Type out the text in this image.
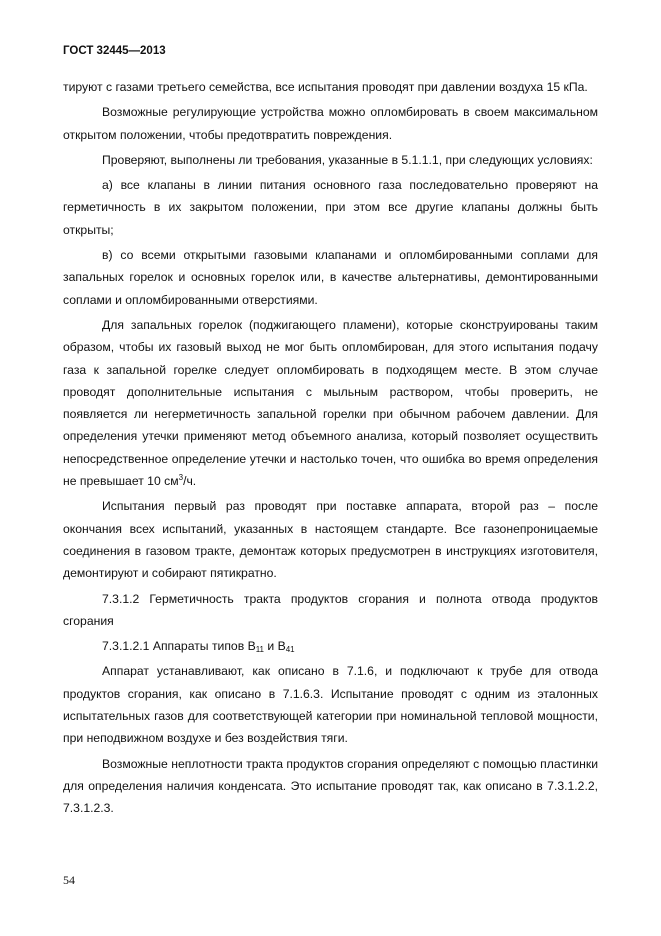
ГОСТ 32445—2013

тируют с газами третьего семейства, все испытания проводят при давлении воздуха 15 кПа.

Возможные регулирующие устройства можно опломбировать в своем максимальном открытом положении, чтобы предотвратить повреждения.

Проверяют, выполнены ли требования, указанные в 5.1.1.1, при следующих условиях:

а) все клапаны в линии питания основного газа последовательно проверяют на герметичность в их закрытом положении, при этом все другие клапаны должны быть открыты;

в) со всеми открытыми газовыми клапанами и опломбированными соплами для запальных горелок и основных горелок или, в качестве альтернативы, демонтированными соплами и опломбированными отверстиями.

Для запальных горелок (поджигающего пламени), которые сконструированы таким образом, чтобы их газовый выход не мог быть опломбирован, для этого испытания подачу газа к запальной горелке следует опломбировать в подходящем месте. В этом случае проводят дополнительные испытания с мыльным раствором, чтобы проверить, не появляется ли негерметичность запальной горелки при обычном рабочем давлении. Для определения утечки применяют метод объемного анализа, который позволяет осуществить непосредственное определение утечки и настолько точен, что ошибка во время определения не превышает 10 $см^3/ч$.

Испытания первый раз проводят при поставке аппарата, второй раз – после окончания всех испытаний, указанных в настоящем стандарте. Все газонепроницаемые соединения в газовом тракте, демонтаж которых предусмотрен в инструкциях изготовителя, демонтируют и собирают пятикратно.

7.3.1.2 Герметичность тракта продуктов сгорания и полнота отвода продуктов сгорания

7.3.1.2.1 Аппараты типов $B_{11}$ и $B_{41}$

Аппарат устанавливают, как описано в 7.1.6, и подключают к трубе для отвода продуктов сгорания, как описано в 7.1.6.3. Испытание проводят с одним из эталонных испытательных газов для соответствующей категории при номинальной тепловой мощности, при неподвижном воздухе и без воздействия тяги.

Возможные неплотности тракта продуктов сгорания определяют с помощью пластинки для определения наличия конденсата. Это испытание проводят так, как описано в 7.3.1.2.2, 7.3.1.2.3.

54
